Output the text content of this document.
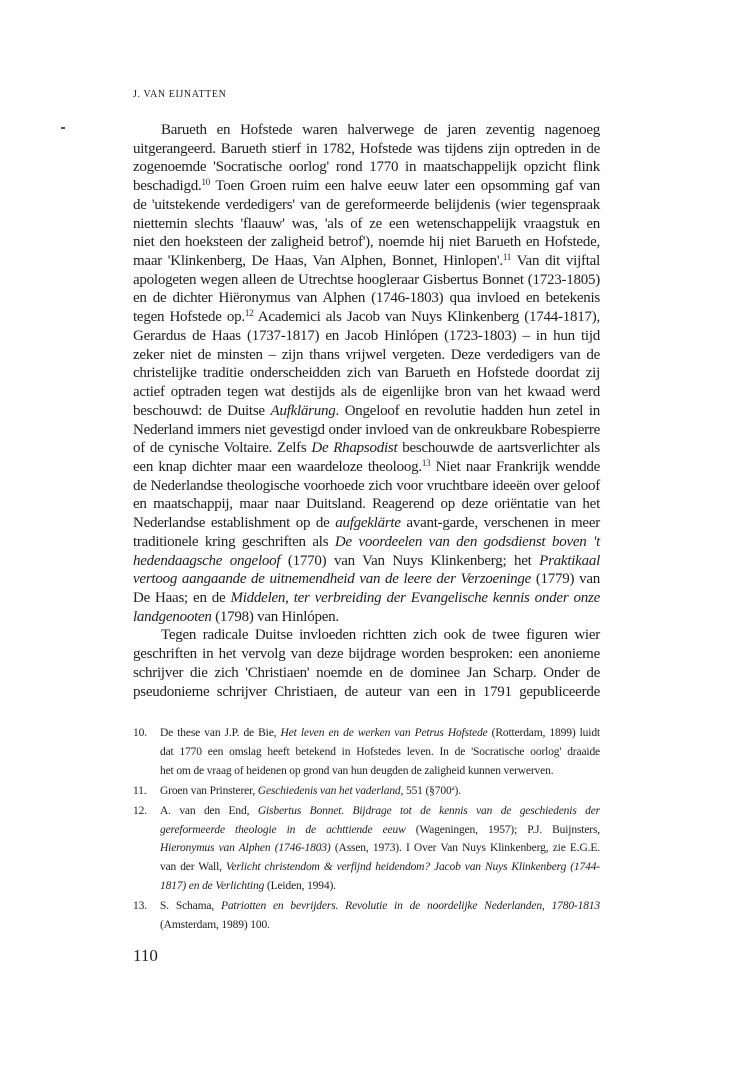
J. VAN EIJNATTEN
Barueth en Hofstede waren halverwege de jaren zeventig nagenoeg
uitgerangeerd. Barueth stierf in 1782, Hofstede was tijdens zijn optreden in de
zogenoemde 'Socratische oorlog' rond 1770 in maatschappelijk opzicht flink
beschadigd.$^{10}$ Toen Groen ruim een halve eeuw later een opsomming gaf van
de 'uitstekende verdedigers' van de gereformeerde belijdenis (wier tegenspraak
niettemin slechts 'flaauw' was, 'als of ze een wetenschappelijk vraagstuk en
niet den hoeksteen der zaligheid betrof'), noemde hij niet Barueth en Hofstede,
maar 'Klinkenberg, De Haas, Van Alphen, Bonnet, Hinlopen'.$^{11}$ Van dit vijftal
apologeten wegen alleen de Utrechtse hoogleraar Gisbertus Bonnet (1723-1805)
en de dichter Hiëronymus van Alphen (1746-1803) qua invloed en betekenis
tegen Hofstede op.$^{12}$ Academici als Jacob van Nuys Klinkenberg (1744-1817),
Gerardus de Haas (1737-1817) en Jacob Hinlópen (1723-1803) – in hun tijd
zeker niet de minsten – zijn thans vrijwel vergeten. Deze verdedigers van de
christelijke traditie onderscheidden zich van Barueth en Hofstede doordat zij
actief optraden tegen wat destijds als de eigenlijke bron van het kwaad werd
beschouwd: de Duitse Aufklärung. Ongeloof en revolutie hadden hun zetel in
Nederland immers niet gevestigd onder invloed van de onkreukbare Robespierre
of de cynische Voltaire. Zelfs De Rhapsodist beschouwde de aartsverlichter als
een knap dichter maar een waardeloze theoloog.$^{13}$ Niet naar Frankrijk wendde
de Nederlandse theologische voorhoede zich voor vruchtbare ideeën over geloof
en maatschappij, maar naar Duitsland. Reagerend op deze oriëntatie van het
Nederlandse establishment op de aufgeklärte avant-garde, verschenen in meer
traditionele kring geschriften als De voordeelen van den godsdienst boven 't
hedendaagsche ongeloof (1770) van Van Nuys Klinkenberg; het Praktikaal
vertoog aangaande de uitnemendheid van de leere der Verzoeninge (1779) van
De Haas; en de Middelen, ter verbreiding der Evangelische kennis onder onze
landgenooten (1798) van Hinlópen.
Tegen radicale Duitse invloeden richtten zich ook de twee figuren wier
geschriften in het vervolg van deze bijdrage worden besproken: een anonieme
schrijver die zich 'Christiaen' noemde en de dominee Jan Scharp. Onder de
pseudonieme schrijver Christiaen, de auteur van een in 1791 gepubliceerde
10. De these van J.P. de Bie, Het leven en de werken van Petrus Hofstede (Rotterdam, 1899) luidt
dat 1770 een omslag heeft betekend in Hofstedes leven. In de 'Socratische oorlog' draaide
het om de vraag of heidenen op grond van hun deugden de zaligheid kunnen verwerven.
11. Groen van Prinsterer, Geschiedenis van het vaderland, 551 (§700$^a$).
12. A. van den End, Gisbertus Bonnet. Bijdrage tot de kennis van de geschiedenis der
gereformeerde theologie in de achttiende eeuw (Wageningen, 1957); P.J. Buijnsters,
Hieronymus van Alphen (1746-1803) (Assen, 1973). I Over Van Nuys Klinkenberg, zie E.G.E.
van der Wall, Verlicht christendom & verfijnd heidendom? Jacob van Nuys Klinkenberg (1744-
1817) en de Verlichting (Leiden, 1994).
13. S. Schama, Patriotten en bevrijders. Revolutie in de noordelijke Nederlanden, 1780-1813
(Amsterdam, 1989) 100.
110
